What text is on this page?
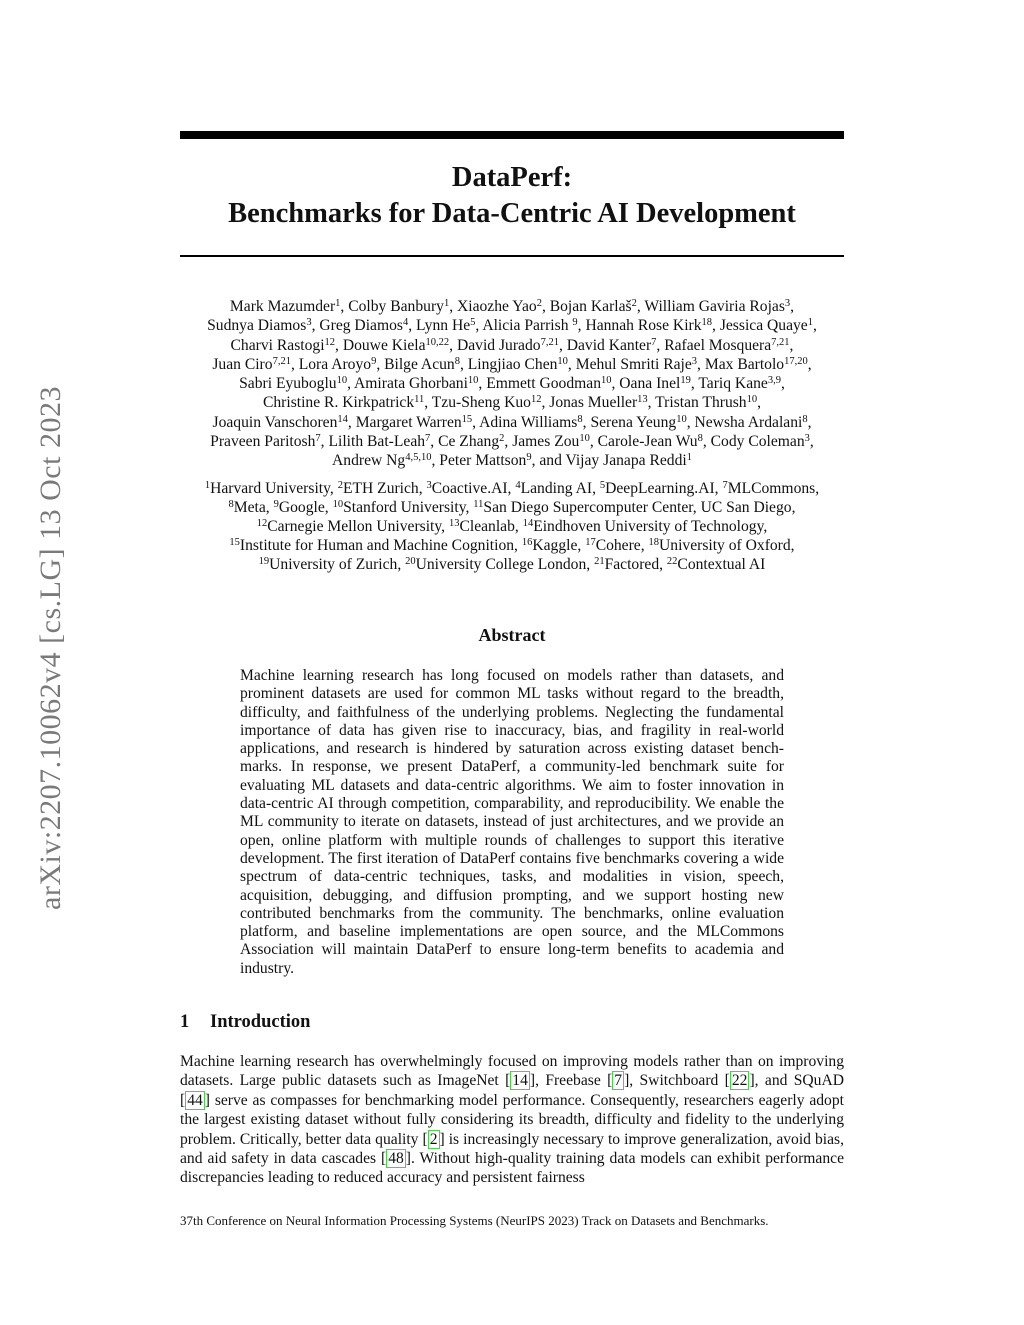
arXiv:2207.10062v4 [cs.LG] 13 Oct 2023
DataPerf:
Benchmarks for Data-Centric AI Development
Mark Mazumder$^1$, Colby Banbury$^1$, Xiaozhe Yao$^2$, Bojan Karlaš$^2$, William Gaviria Rojas$^3$,
Sudnya Diamos$^3$, Greg Diamos$^4$, Lynn He$^5$, Alicia Parrish $^9$, Hannah Rose Kirk$^{18}$, Jessica Quaye$^1$,
Charvi Rastogi$^{12}$, Douwe Kiela$^{10,22}$, David Jurado$^{7,21}$, David Kanter$^7$, Rafael Mosquera$^{7,21}$,
Juan Ciro$^{7,21}$, Lora Aroyo$^9$, Bilge Acun$^8$, Lingjiao Chen$^{10}$, Mehul Smriti Raje$^3$, Max Bartolo$^{17,20}$,
Sabri Eyuboglu$^{10}$, Amirata Ghorbani$^{10}$, Emmett Goodman$^{10}$, Oana Inel$^{19}$, Tariq Kane$^{3,9}$,
Christine R. Kirkpatrick$^{11}$, Tzu-Sheng Kuo$^{12}$, Jonas Mueller$^{13}$, Tristan Thrush$^{10}$,
Joaquin Vanschoren$^{14}$, Margaret Warren$^{15}$, Adina Williams$^8$, Serena Yeung$^{10}$, Newsha Ardalani$^8$,
Praveen Paritosh$^7$, Lilith Bat-Leah$^7$, Ce Zhang$^2$, James Zou$^{10}$, Carole-Jean Wu$^8$, Cody Coleman$^3$,
Andrew Ng$^{4,5,10}$, Peter Mattson$^9$, and Vijay Janapa Reddi$^1$
$^1$Harvard University, $^2$ETH Zurich, $^3$Coactive.AI, $^4$Landing AI, $^5$DeepLearning.AI, $^7$MLCommons,
$^8$Meta, $^9$Google, $^{10}$Stanford University, $^{11}$San Diego Supercomputer Center, UC San Diego,
$^{12}$Carnegie Mellon University, $^{13}$Cleanlab, $^{14}$Eindhoven University of Technology,
$^{15}$Institute for Human and Machine Cognition, $^{16}$Kaggle, $^{17}$Cohere, $^{18}$University of Oxford,
$^{19}$University of Zurich, $^{20}$University College London, $^{21}$Factored, $^{22}$Contextual AI
Abstract
Machine learning research has long focused on models rather than datasets, and prominent datasets are used for common ML tasks without regard to the breadth, difficulty, and faithfulness of the underlying problems. Neglecting the fundamental importance of data has given rise to inaccuracy, bias, and fragility in real-world applications, and research is hindered by saturation across existing dataset benchmarks. In response, we present DataPerf, a community-led benchmark suite for evaluating ML datasets and data-centric algorithms. We aim to foster innovation in data-centric AI through competition, comparability, and reproducibility. We enable the ML community to iterate on datasets, instead of just architectures, and we provide an open, online platform with multiple rounds of challenges to support this iterative development. The first iteration of DataPerf contains five benchmarks covering a wide spectrum of data-centric techniques, tasks, and modalities in vision, speech, acquisition, debugging, and diffusion prompting, and we support hosting new contributed benchmarks from the community. The benchmarks, online evaluation platform, and baseline implementations are open source, and the MLCommons Association will maintain DataPerf to ensure long-term benefits to academia and industry.
1 Introduction
Machine learning research has overwhelmingly focused on improving models rather than on improving datasets. Large public datasets such as ImageNet [ 14 ], Freebase [ 7 ], Switchboard [ 22 ], and SQuAD [ 44 ] serve as compasses for benchmarking model performance. Consequently, researchers eagerly adopt the largest existing dataset without fully considering its breadth, difficulty and fidelity to the underlying problem. Critically, better data quality [ 2 ] is increasingly necessary to improve generalization, avoid bias, and aid safety in data cascades [ 48 ]. Without high-quality training data models can exhibit performance discrepancies leading to reduced accuracy and persistent fairness
37th Conference on Neural Information Processing Systems (NeurIPS 2023) Track on Datasets and Benchmarks.
